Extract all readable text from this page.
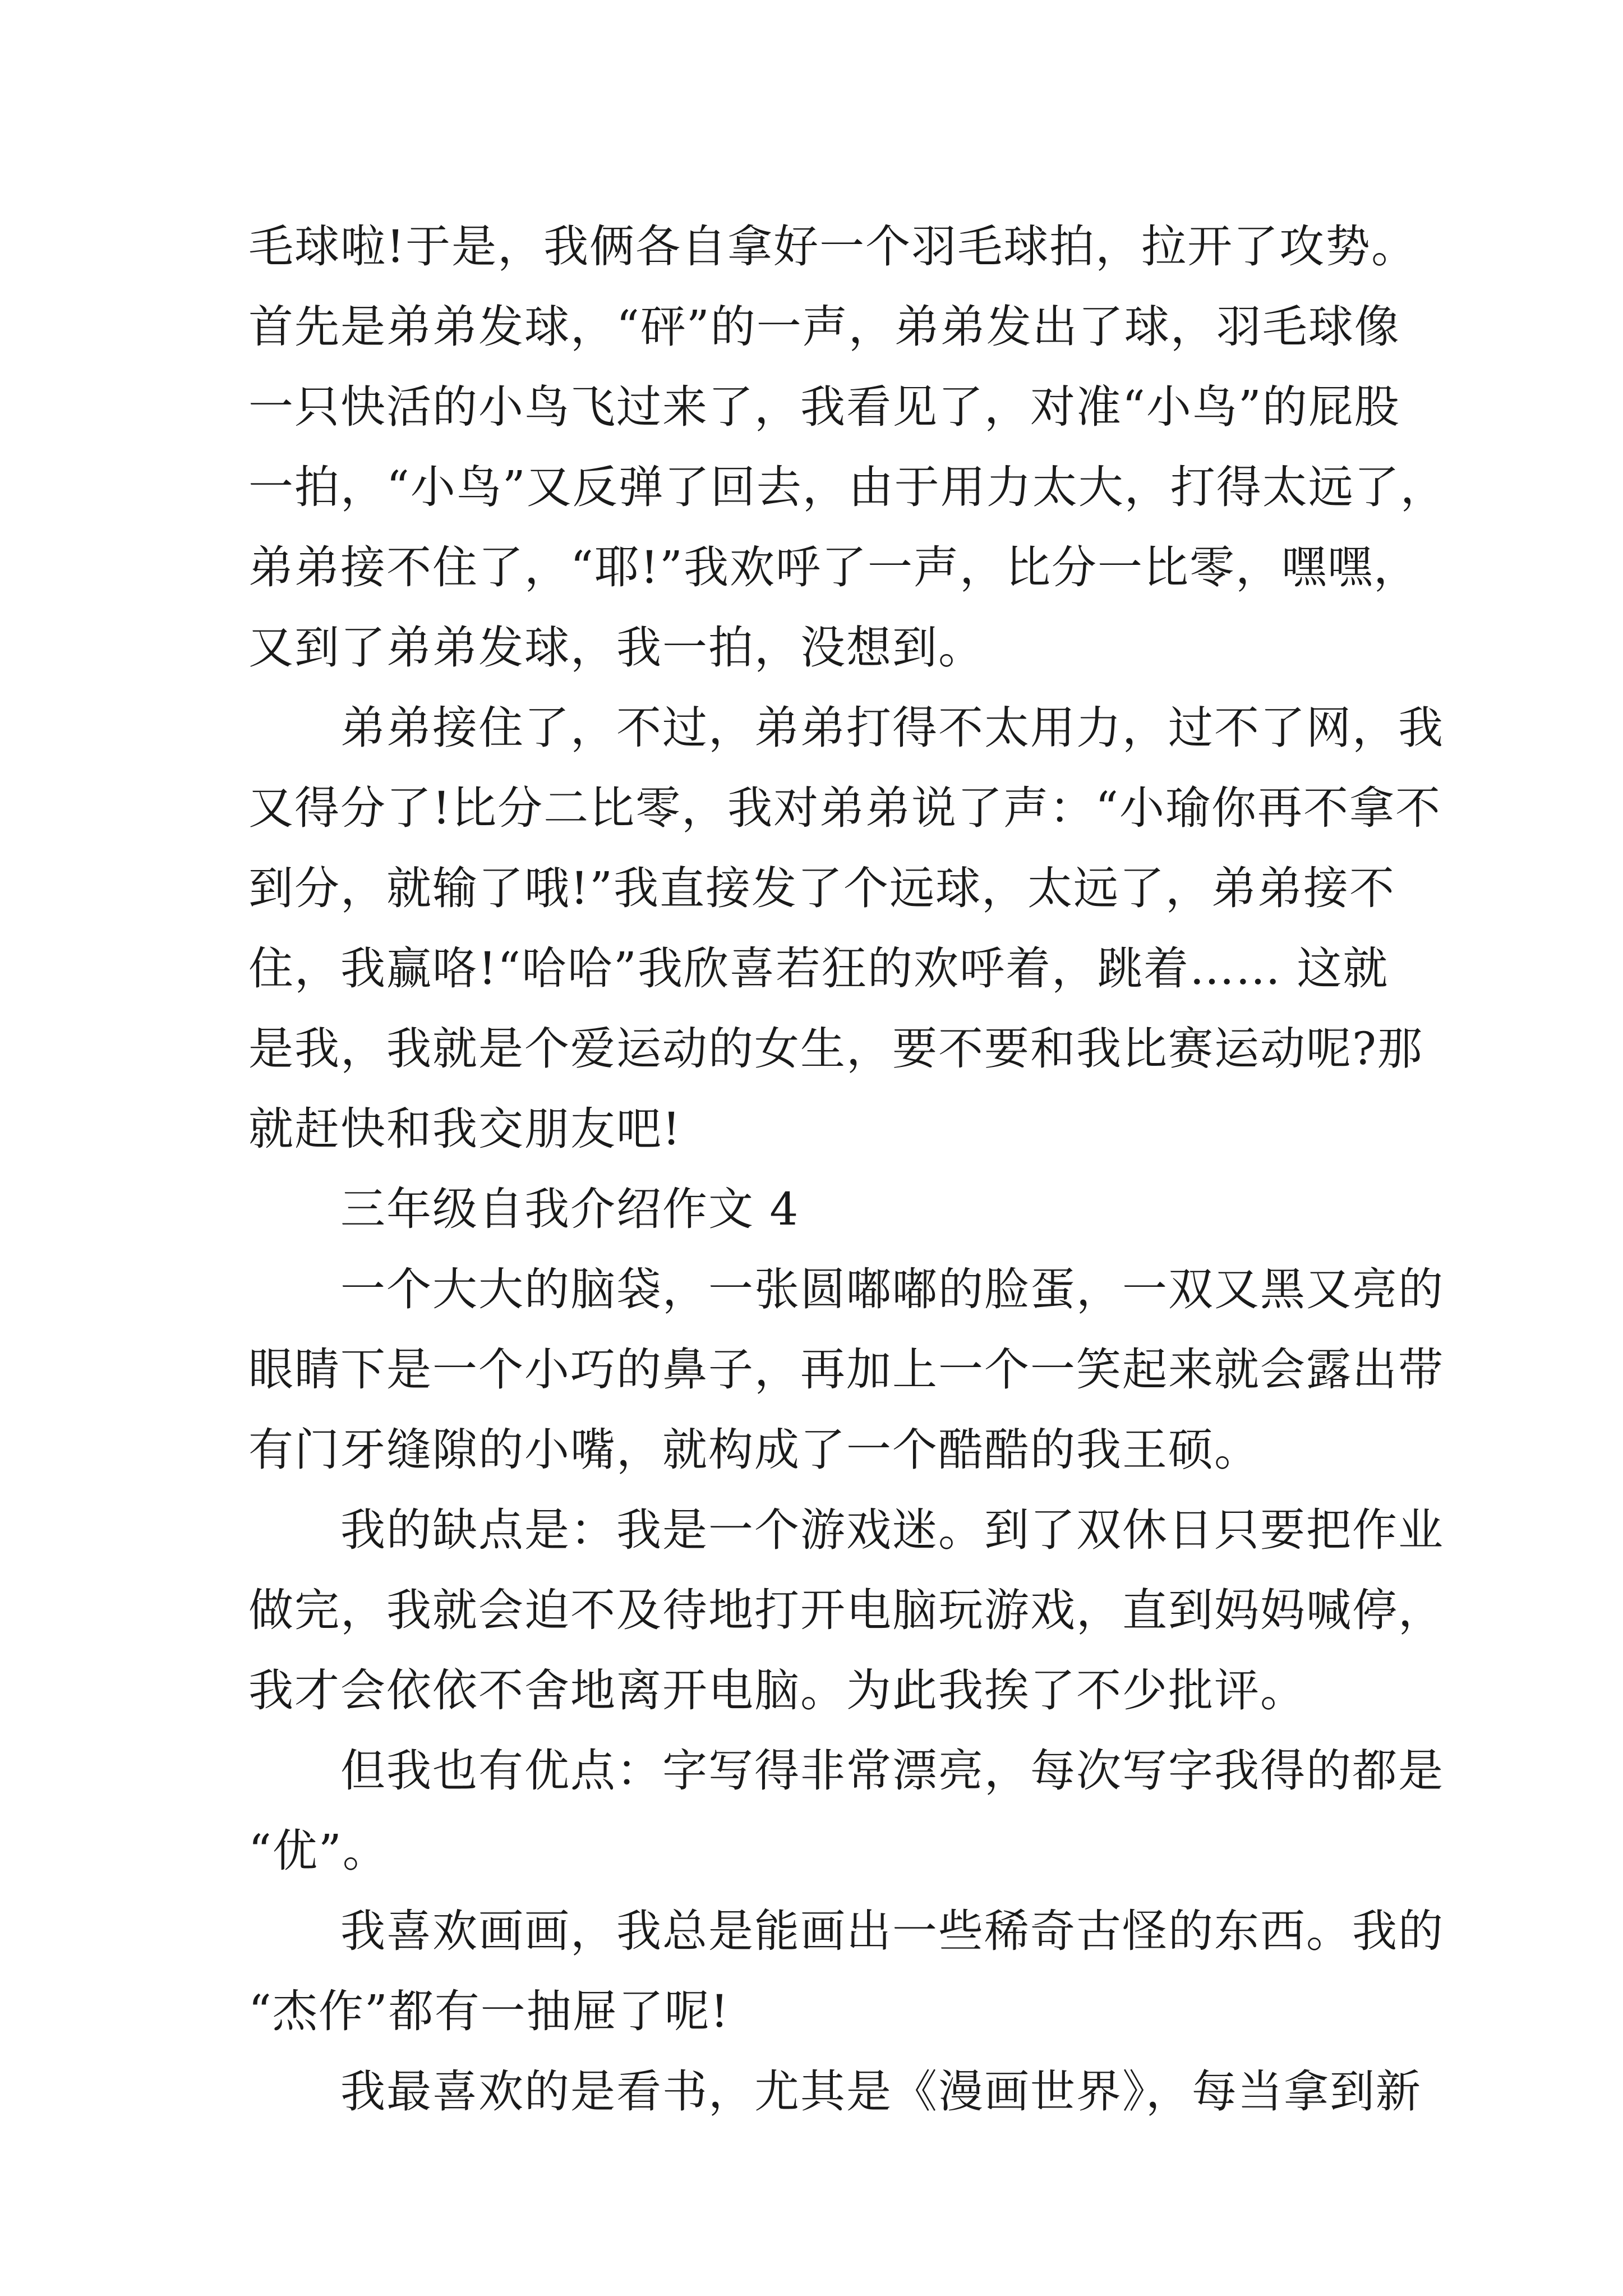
毛球啦!于是，我俩各自拿好一个羽毛球拍，拉开了攻势。
首先是弟弟发球，“砰”的一声，弟弟发出了球，羽毛球像
一只快活的小鸟飞过来了，我看见了，对准“小鸟”的屁股
一拍，“小鸟”又反弹了回去，由于用力太大，打得太远了，
弟弟接不住了，“耶!”我欢呼了一声，比分一比零，嘿嘿，
又到了弟弟发球，我一拍，没想到。
弟弟接住了，不过，弟弟打得不太用力，过不了网，我
又得分了!比分二比零，我对弟弟说了声：“小瑜你再不拿不
到分，就输了哦!”我直接发了个远球，太远了，弟弟接不
住，我赢咯!“哈哈”我欣喜若狂的欢呼着，跳着…… 这就
是我，我就是个爱运动的女生，要不要和我比赛运动呢?那
就赶快和我交朋友吧!
三年级自我介绍作文 4
一个大大的脑袋，一张圆嘟嘟的脸蛋，一双又黑又亮的
眼睛下是一个小巧的鼻子，再加上一个一笑起来就会露出带
有门牙缝隙的小嘴，就构成了一个酷酷的我王硕。
我的缺点是：我是一个游戏迷。到了双休日只要把作业
做完，我就会迫不及待地打开电脑玩游戏，直到妈妈喊停，
我才会依依不舍地离开电脑。为此我挨了不少批评。
但我也有优点：字写得非常漂亮，每次写字我得的都是
“优”。
我喜欢画画，我总是能画出一些稀奇古怪的东西。我的
“杰作”都有一抽屉了呢!
我最喜欢的是看书，尤其是《漫画世界》，每当拿到新
